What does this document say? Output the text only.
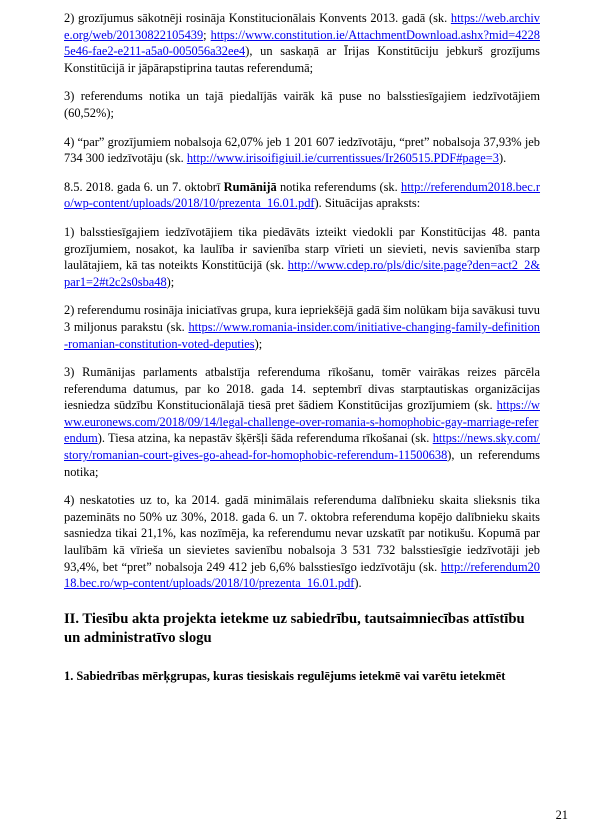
2) grozījumus sākotnēji rosināja Konstitucionālais Konvents 2013. gadā (sk. https://web.archive.org/web/20130822105439; https://www.constitution.ie/AttachmentDownload.ashx?mid=42285e46-fae2-e211-a5a0-005056a32ee4), un saskaņā ar Īrijas Konstitūciju jebkurš grozījums Konstitūcijā ir jāpārapstiprina tautas referendumā;

3) referendums notika un tajā piedalījās vairāk kā puse no balsstiesīgajiem iedzīvotājiem (60,52%);

4) “par” grozījumiem nobalsoja 62,07% jeb 1 201 607 iedzīvotāju, “pret” nobalsoja 37,93% jeb 734 300 iedzīvotāju (sk. http://www.irisoifigiuil.ie/currentissues/Ir260515.PDF#page=3).

8.5. 2018. gada 6. un 7. oktobrī Rumānijā notika referendums (sk. http://referendum2018.bec.ro/wp-content/uploads/2018/10/prezenta_16.01.pdf). Situācijas apraksts:

1) balsstiesīgajiem iedzīvotājiem tika piedāvāts izteikt viedokli par Konstitūcijas 48. panta grozījumiem, nosakot, ka laulība ir savienība starp vīrieti un sievieti, nevis savienība starp laulātajiem, kā tas noteikts Konstitūcijā (sk. http://www.cdep.ro/pls/dic/site.page?den=act2_2&par1=2#t2c2s0sba48);

2) referendumu rosināja iniciatīvas grupa, kura iepriekšējā gadā šim nolūkam bija savākusi tuvu 3 miljonus parakstu (sk. https://www.romania-insider.com/initiative-changing-family-definition-romanian-constitution-voted-deputies);

3) Rumānijas parlaments atbalstīja referenduma rīkošanu, tomēr vairākas reizes pārcēla referenduma datumus, par ko 2018. gada 14. septembrī divas starptautiskas organizācijas iesniedza sūdzību Konstitucionālajā tiesā pret šādiem Konstitūcijas grozījumiem (sk. https://www.euronews.com/2018/09/14/legal-challenge-over-romania-s-homophobic-gay-marriage-referendum). Tiesa atzina, ka nepastāv šķēršļi šāda referenduma rīkošanai (sk. https://news.sky.com/story/romanian-court-gives-go-ahead-for-homophobic-referendum-11500638), un referendums notika;

4) neskatoties uz to, ka 2014. gadā minimālais referenduma dalībnieku skaita slieksnis tika pazemināts no 50% uz 30%, 2018. gada 6. un 7. oktobra referenduma kopējo dalībnieku skaits sasniedza tikai 21,1%, kas nozīmēja, ka referendumu nevar uzskatīt par notikušu. Kopumā par laulībām kā vīrieša un sievietes savienību nobalsoja 3 531 732 balsstiesīgie iedzīvotāji jeb 93,4%, bet “pret” nobalsoja 249 412 jeb 6,6% balsstiesīgo iedzīvotāju (sk. http://referendum2018.bec.ro/wp-content/uploads/2018/10/prezenta_16.01.pdf).

II. Tiesību akta projekta ietekme uz sabiedrību, tautsaimniecības attīstību un administratīvo slogu
1. Sabiedrības mērķgrupas, kuras tiesiskais regulējums ietekmē vai varētu ietekmēt
21
